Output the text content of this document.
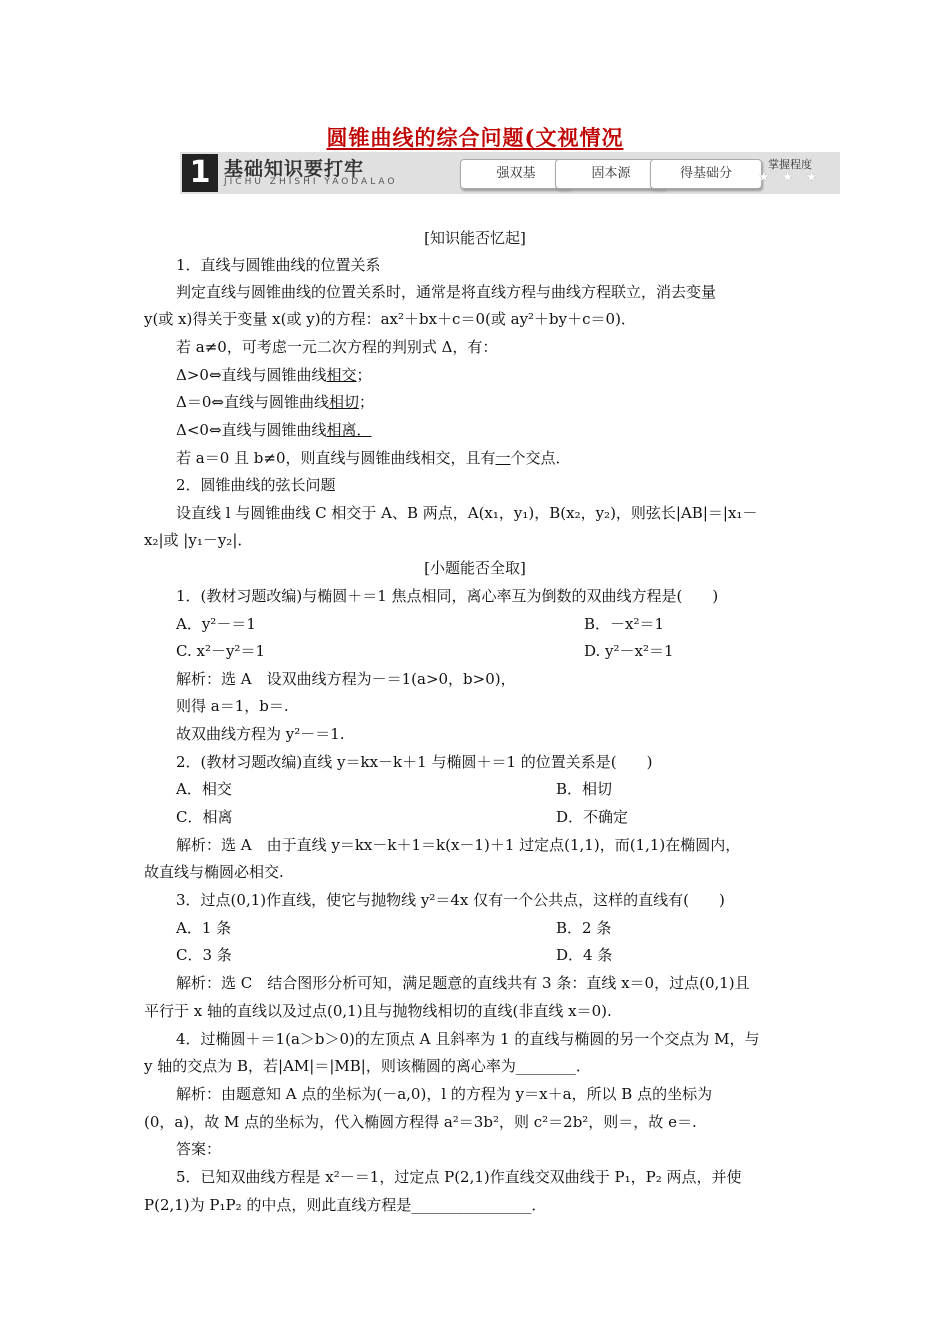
圆锥曲线的综合问题(文视情况
1 基础知识要打牢
JICHU ZHISHI YAODALAO
强双基	固本源	得基础分
掌握程度
★ ★ ★
[知识能否忆起]
1．直线与圆锥曲线的位置关系
判定直线与圆锥曲线的位置关系时，通常是将直线方程与曲线方程联立，消去变量
y(或 x)得关于变量 x(或 y)的方程：ax²＋bx＋c＝0(或 ay²＋by＋c＝0)．
若 a≠0，可考虑一元二次方程的判别式 Δ，有：
Δ>0⇔直线与圆锥曲线相交；
Δ＝0⇔直线与圆锥曲线相切；
Δ<0⇔直线与圆锥曲线相离．
若 a＝0 且 b≠0，则直线与圆锥曲线相交，且有一个交点．
2．圆锥曲线的弦长问题
设直线 l 与圆锥曲线 C 相交于 A、B 两点，A(x₁，y₁)，B(x₂，y₂)，则弦长|AB|＝|x₁－
x₂|或 |y₁－y₂|．
[小题能否全取]
1．(教材习题改编)与椭圆＋＝1 焦点相同，离心率互为倒数的双曲线方程是(　　)
A．y²－＝1	B．－x²＝1
C. x²－y²＝1	D. y²－x²＝1
解析：选 A　设双曲线方程为－＝1(a>0，b>0)，
则得 a＝1，b＝.
故双曲线方程为 y²－＝1.
2．(教材习题改编)直线 y＝kx－k＋1 与椭圆＋＝1 的位置关系是(　　)
A．相交	B．相切
C．相离	D．不确定
解析：选 A　由于直线 y＝kx－k＋1＝k(x－1)＋1 过定点(1,1)，而(1,1)在椭圆内，
故直线与椭圆必相交.
3．过点(0,1)作直线，使它与抛物线 y²＝4x 仅有一个公共点，这样的直线有(　　)
A．1 条	B．2 条
C．3 条	D．4 条
解析：选 C　结合图形分析可知，满足题意的直线共有 3 条：直线 x＝0，过点(0,1)且
平行于 x 轴的直线以及过点(0,1)且与抛物线相切的直线(非直线 x＝0).
4．过椭圆＋＝1(a＞b＞0)的左顶点 A 且斜率为 1 的直线与椭圆的另一个交点为 M，与
y 轴的交点为 B，若|AM|＝|MB|，则该椭圆的离心率为________．
解析：由题意知 A 点的坐标为(－a,0)，l 的方程为 y＝x＋a，所以 B 点的坐标为
(0，a)，故 M 点的坐标为，代入椭圆方程得 a²＝3b²，则 c²＝2b²，则＝，故 e＝.
答案：
5．已知双曲线方程是 x²－＝1，过定点 P(2,1)作直线交双曲线于 P₁，P₂ 两点，并使
P(2,1)为 P₁P₂ 的中点，则此直线方程是________________．
